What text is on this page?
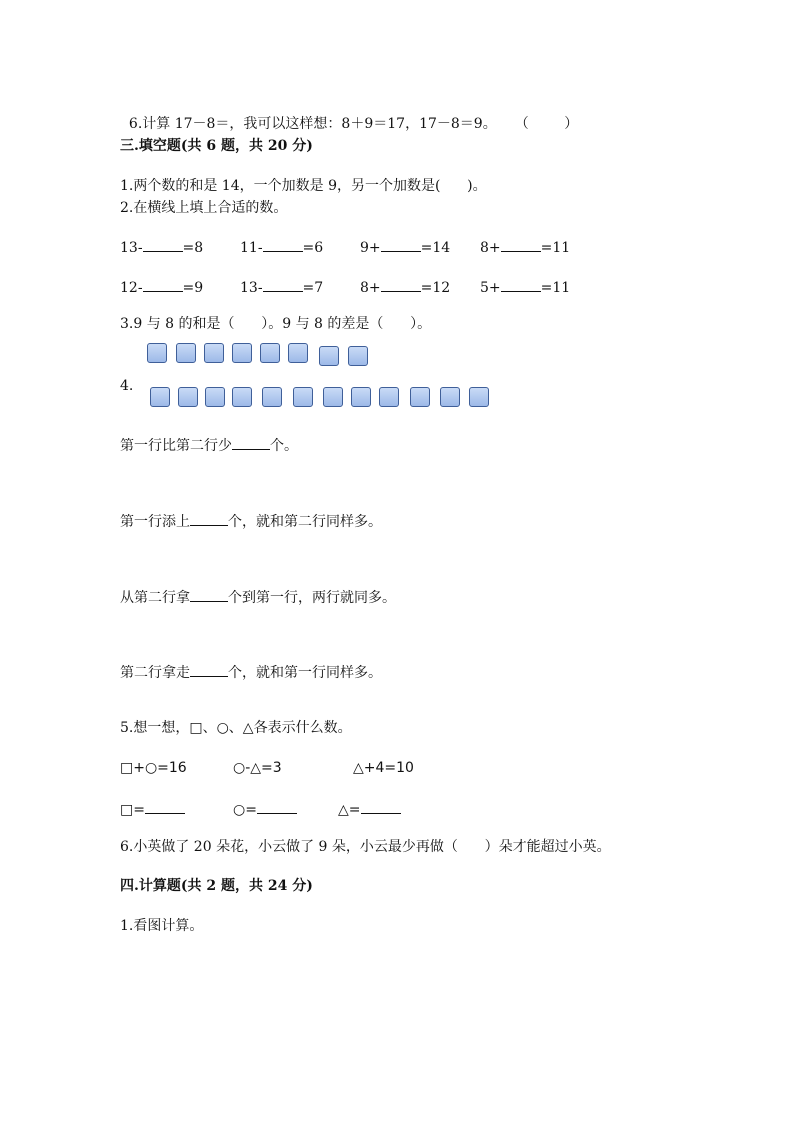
6.计算 17－8＝，我可以这样想：8＋9＝17，17－8＝9。 （        ）

三.填空题(共 6 题，共 20 分)
1.两个数的和是 14，一个加数是 9，另一个加数是(      )。
2.在横线上填上合适的数。
13-	=8	11-	=6	9+	=14 8+	=11
12-	=9	13-	=7	8+	=12 5+	=11
3.9 与 8 的和是（      ）。9 与 8 的差是（      ）。
4.
第一行比第二行少	个。
第一行添上	个，就和第二行同样多。
从第二行拿	个到第一行，两行就同多。
第二行拿走	个，就和第一行同样多。
5.想一想，□、○、△各表示什么数。
□+○=16	○-△=3	△+4=10
□=	○=	△=
6.小英做了 20 朵花，小云做了 9 朵，小云最少再做（      ）朵才能超过小英。
四.计算题(共 2 题，共 24 分)
1.看图计算。
